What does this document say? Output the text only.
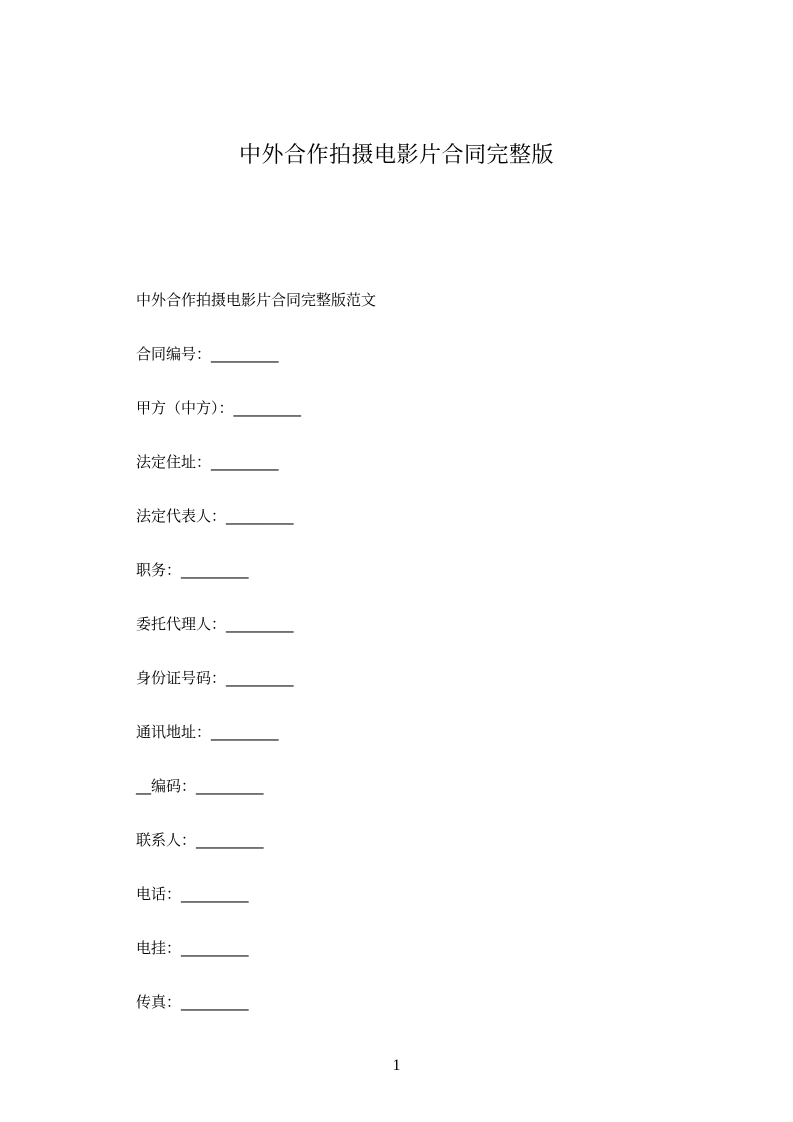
中外合作拍摄电影片合同完整版
中外合作拍摄电影片合同完整版范文
合同编号：_________
甲方（中方）：_________
法定住址：_________
法定代表人：_________
职务：_________
委托代理人：_________
身份证号码：_________
通讯地址：_________
__编码：_________
联系人：_________
电话：_________
电挂：_________
传真：_________
1
